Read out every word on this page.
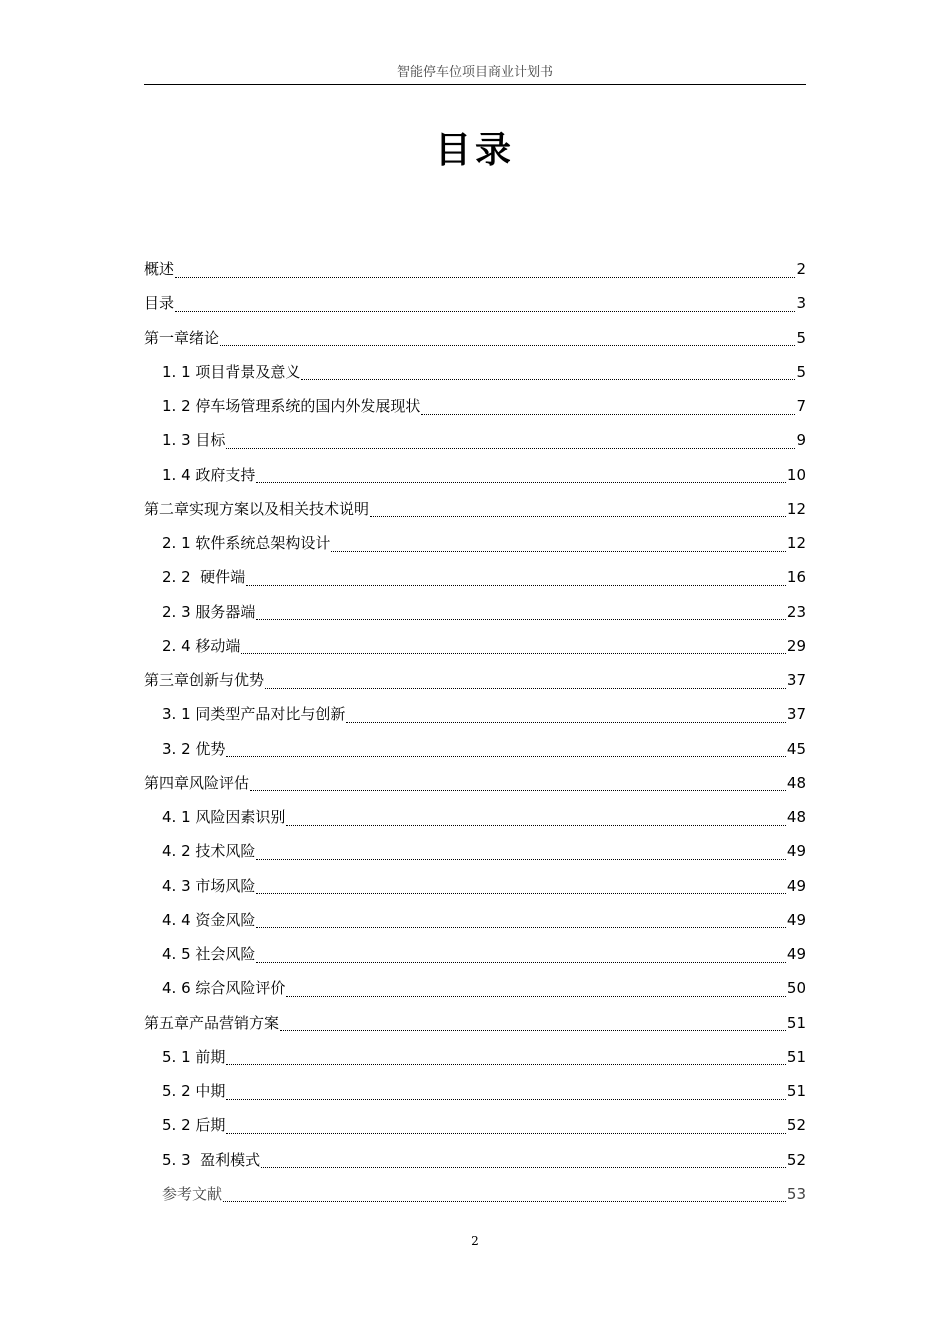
智能停车位项目商业计划书
目录
概述	2
目录	3
第一章绪论	5
1. 1 项目背景及意义	5
1. 2 停车场管理系统的国内外发展现状	7
1. 3 目标	9
1. 4 政府支持	10
第二章实现方案以及相关技术说明	12
2. 1 软件系统总架构设计	12
2. 2  硬件端	16
2. 3 服务器端	23
2. 4 移动端	29
第三章创新与优势	37
3. 1 同类型产品对比与创新	37
3. 2 优势	45
第四章风险评估	48
4. 1 风险因素识别	48
4. 2 技术风险	49
4. 3 市场风险	49
4. 4 资金风险	49
4. 5 社会风险	49
4. 6 综合风险评价	50
第五章产品营销方案	51
5. 1 前期	51
5. 2 中期	51
5. 2 后期	52
5. 3  盈利模式	52
参考文献	53
2
